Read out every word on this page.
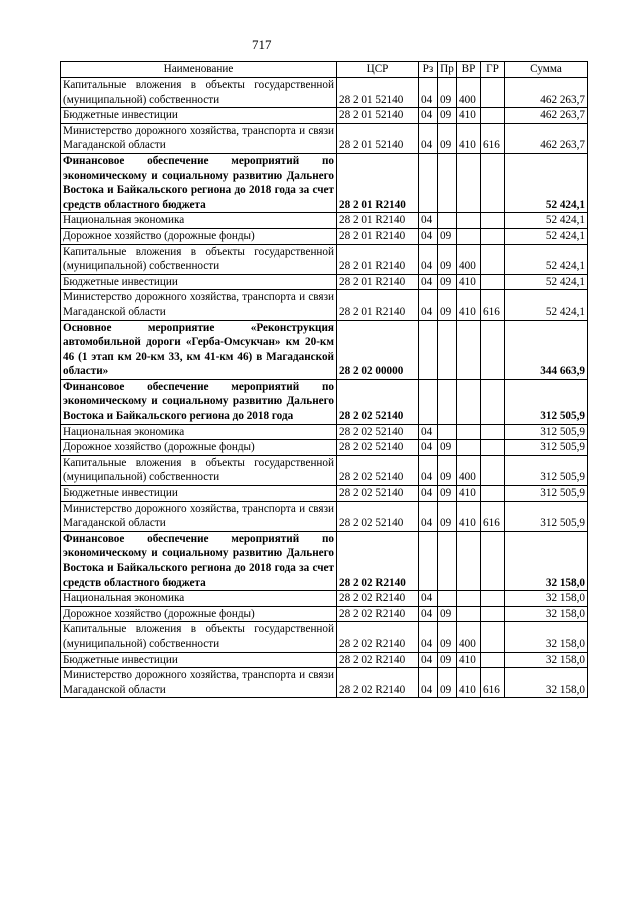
717
Наименование	ЦСР	Рз	Пр	ВР	ГР	Сумма
Капитальные вложения в объекты государственной (муниципальной) собственности	28 2 01 52140	04	09	400		462 263,7
Бюджетные инвестиции	28 2 01 52140	04	09	410		462 263,7
Министерство дорожного хозяйства, транспорта и связи Магаданской области	28 2 01 52140	04	09	410	616	462 263,7
Финансовое обеспечение мероприятий по экономическому и социальному развитию Дальнего Востока и Байкальского региона до 2018 года за счет средств областного бюджета	28 2 01 R2140					52 424,1
Национальная экономика	28 2 01 R2140	04				52 424,1
Дорожное хозяйство (дорожные фонды)	28 2 01 R2140	04	09			52 424,1
Капитальные вложения в объекты государственной (муниципальной) собственности	28 2 01 R2140	04	09	400		52 424,1
Бюджетные инвестиции	28 2 01 R2140	04	09	410		52 424,1
Министерство дорожного хозяйства, транспорта и связи Магаданской области	28 2 01 R2140	04	09	410	616	52 424,1
Основное мероприятие «Реконструкция автомобильной дороги «Герба-Омсукчан» км 20-км 46 (1 этап км 20-км 33, км 41-км 46) в Магаданской области»	28 2 02 00000					344 663,9
Финансовое обеспечение мероприятий по экономическому и социальному развитию Дальнего Востока и Байкальского региона до 2018 года	28 2 02 52140					312 505,9
Национальная экономика	28 2 02 52140	04				312 505,9
Дорожное хозяйство (дорожные фонды)	28 2 02 52140	04	09			312 505,9
Капитальные вложения в объекты государственной (муниципальной) собственности	28 2 02 52140	04	09	400		312 505,9
Бюджетные инвестиции	28 2 02 52140	04	09	410		312 505,9
Министерство дорожного хозяйства, транспорта и связи Магаданской области	28 2 02 52140	04	09	410	616	312 505,9
Финансовое обеспечение мероприятий по экономическому и социальному развитию Дальнего Востока и Байкальского региона до 2018 года за счет средств областного бюджета	28 2 02 R2140					32 158,0
Национальная экономика	28 2 02 R2140	04				32 158,0
Дорожное хозяйство (дорожные фонды)	28 2 02 R2140	04	09			32 158,0
Капитальные вложения в объекты государственной (муниципальной) собственности	28 2 02 R2140	04	09	400		32 158,0
Бюджетные инвестиции	28 2 02 R2140	04	09	410		32 158,0
Министерство дорожного хозяйства, транспорта и связи Магаданской области	28 2 02 R2140	04	09	410	616	32 158,0
